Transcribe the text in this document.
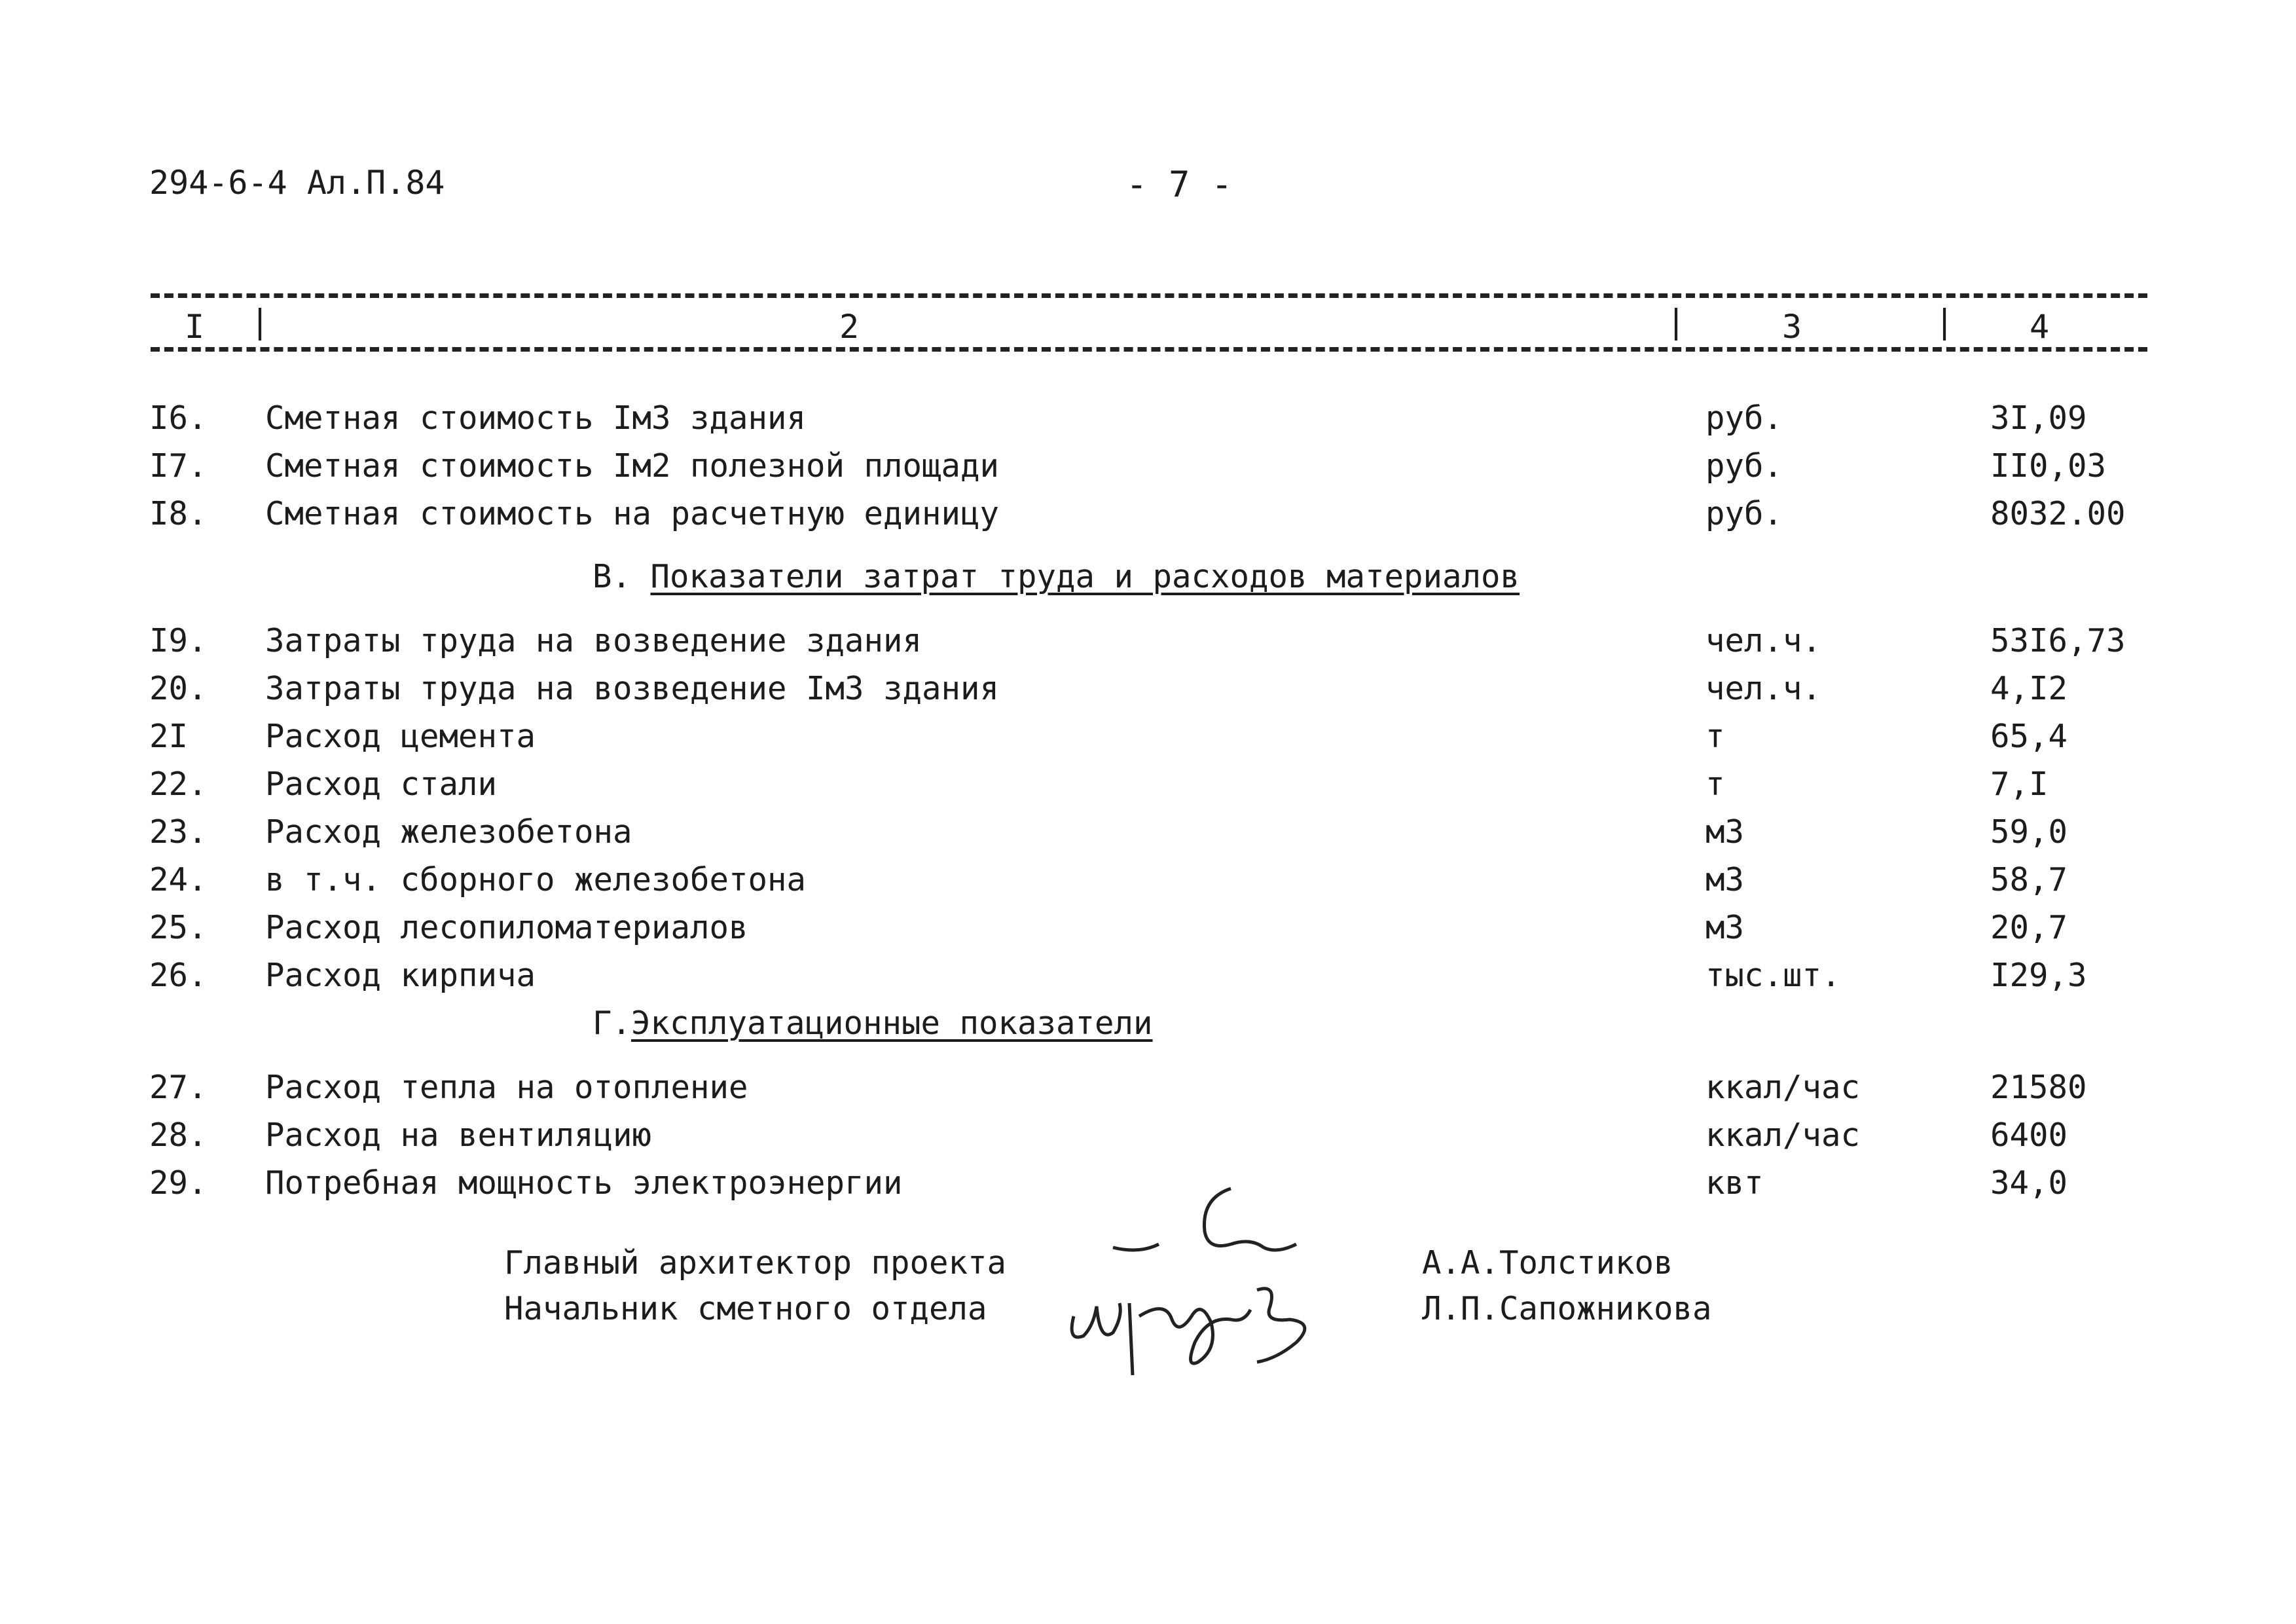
294-6-4 Ал.П.84	- 7 -
I |	2	|	3	| 4
I6. Сметная стоимость Iм3 здания	руб.	3I,09
I7. Сметная стоимость Iм2 полезной площади	руб.	II0,03
I8. Сметная стоимость на расчетную единицу	руб.	8032.00
В. Показатели затрат труда и расходов материалов
I9. Затраты труда на возведение здания	чел.ч.	53I6,73
20. Затраты труда на возведение Iм3 здания	чел.ч.	4,I2
2I Расход цемента	т	65,4
22. Расход стали	т	7,I
23. Расход железобетона	м3	59,0
24. в т.ч. сборного железобетона	м3	58,7
25. Расход лесопиломатериалов	м3	20,7
26. Расход кирпича	тыс.шт.	I29,3
Г.Эксплуатационные показатели
27. Расход тепла на отопление	ккал/час	21580
28. Расход на вентиляцию	ккал/час	6400
29. Потребная мощность электроэнергии	квт	34,0
Главный архитектор проекта	А.А.Толстиков
Начальник сметного отдела	Л.П.Сапожникова
